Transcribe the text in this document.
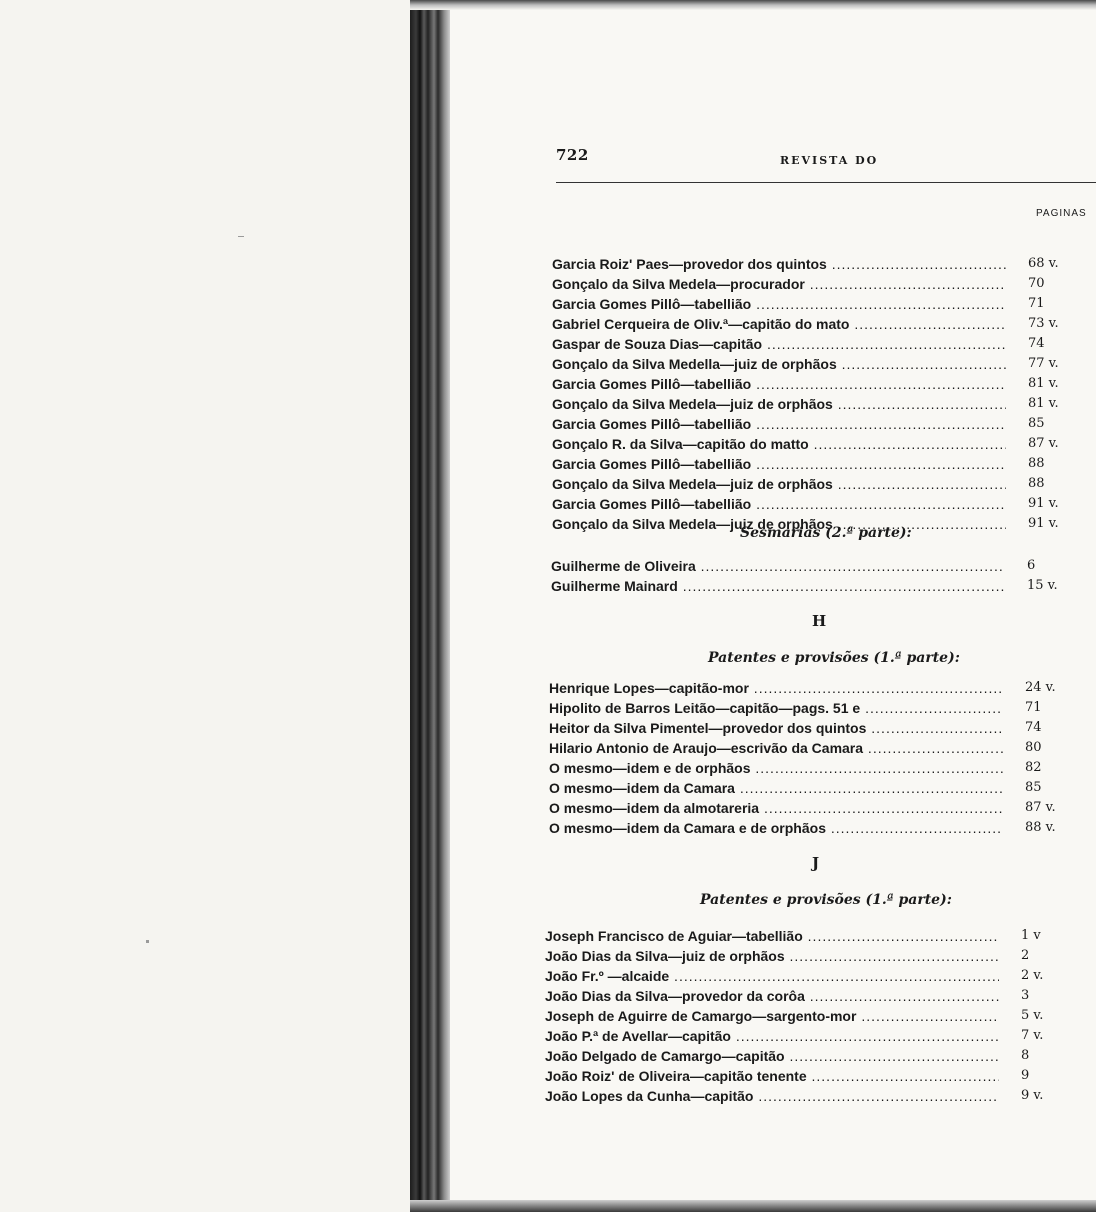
722	REVISTA DO
PAGINAS
Garcia Roiz' Paes—provedor dos quintos .....	68 v.
Gonçalo da Silva Medela—procurador .....	70
Garcia Gomes Pillô—tabellião .....	71
Gabriel Cerqueira de Oliv.ª—capitão do mato .....	73 v.
Gaspar de Souza Dias—capitão .....	74
Gonçalo da Silva Medella—juiz de orphãos .....	77 v.
Garcia Gomes Pillô—tabellião .....	81 v.
Gonçalo da Silva Medela—juiz de orphãos .....	81 v.
Garcia Gomes Pillô—tabellião .....	85
Gonçalo R. da Silva—capitão do matto .....	87 v.
Garcia Gomes Pillô—tabellião .....	88
Gonçalo da Silva Medela—juiz de orphãos .....	88
Garcia Gomes Pillô—tabellião .....	91 v.
Gonçalo da Silva Medela—juiz de orphãos .....	91 v.
Sesmarias (2.ª parte):
Guilherme de Oliveira .....	6
Guilherme Mainard .....	15 v.
H
Patentes e provisões (1.ª parte):
Henrique Lopes—capitão-mor .....	24 v.
Hipolito de Barros Leitão—capitão—pags. 51 e .....	71
Heitor da Silva Pimentel—provedor dos quintos .....	74
Hilario Antonio de Araujo—escrivão da Camara .....	80
O mesmo—idem e de orphãos .....	82
O mesmo—idem da Camara .....	85
O mesmo—idem da almotareria .....	87 v.
O mesmo—idem da Camara e de orphãos .....	88 v.
J
Patentes e provisões (1.ª parte):
Joseph Francisco de Aguiar—tabellião .....	1 v
João Dias da Silva—juiz de orphãos .....	2
João Fr.º —alcaide .....	2 v.
João Dias da Silva—provedor da corôa .....	3
Joseph de Aguirre de Camargo—sargento-mor .....	5 v.
João P.ª de Avellar—capitão .....	7 v.
João Delgado de Camargo—capitão .....	8
João Roiz' de Oliveira—capitão tenente .....	9
João Lopes da Cunha—capitão .....	9 v.
